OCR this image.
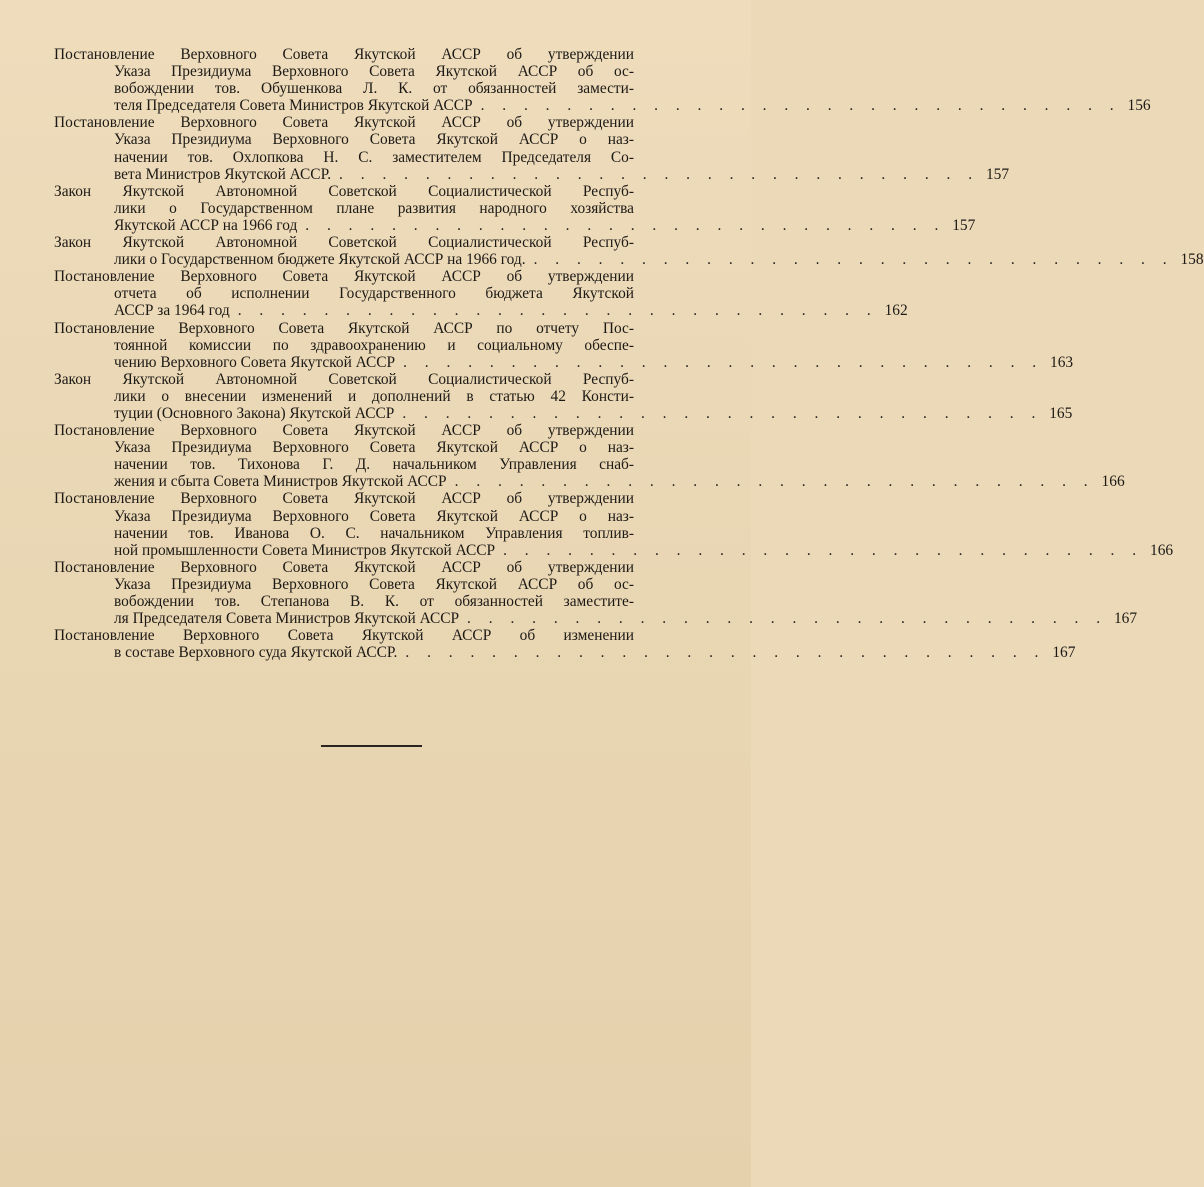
Постановление Верховного Совета Якутской АССР об утверждении
Указа Президиума Верховного Совета Якутской АССР об ос-
вобождении тов. Обушенкова Л. К. от обязанностей замести-
теля Председателя Совета Министров Якутской АССР . . . . . . . . . . . . . . . . . . . . . . . . . . . . . . 156
Постановление Верховного Совета Якутской АССР об утверждении
Указа Президиума Верховного Совета Якутской АССР о наз-
начении тов. Охлопкова Н. С. заместителем Председателя Со-
вета Министров Якутской АССР. . . . . . . . . . . . . . . . . . . . . . . . . . . . . . . 157
Закон Якутской Автономной Советской Социалистической Респуб-
лики о Государственном плане развития народного хозяйства
Якутской АССР на 1966 год . . . . . . . . . . . . . . . . . . . . . . . . . . . . . . 157
Закон Якутской Автономной Советской Социалистической Респуб-
лики о Государственном бюджете Якутской АССР на 1966 год. . . . . . . . . . . . . . . . . . . . . . . . . . . . . . . 158
Постановление Верховного Совета Якутской АССР об утверждении
отчета об исполнении Государственного бюджета Якутской
АССР за 1964 год . . . . . . . . . . . . . . . . . . . . . . . . . . . . . . 162
Постановление Верховного Совета Якутской АССР по отчету Пос-
тоянной комиссии по здравоохранению и социальному обеспе-
чению Верховного Совета Якутской АССР . . . . . . . . . . . . . . . . . . . . . . . . . . . . . . 163
Закон Якутской Автономной Советской Социалистической Респуб-
лики о внесении изменений и дополнений в статью 42 Консти-
туции (Основного Закона) Якутской АССР . . . . . . . . . . . . . . . . . . . . . . . . . . . . . . 165
Постановление Верховного Совета Якутской АССР об утверждении
Указа Президиума Верховного Совета Якутской АССР о наз-
начении тов. Тихонова Г. Д. начальником Управления снаб-
жения и сбыта Совета Министров Якутской АССР . . . . . . . . . . . . . . . . . . . . . . . . . . . . . . 166
Постановление Верховного Совета Якутской АССР об утверждении
Указа Президиума Верховного Совета Якутской АССР о наз-
начении тов. Иванова О. С. начальником Управления топлив-
ной промышленности Совета Министров Якутской АССР . . . . . . . . . . . . . . . . . . . . . . . . . . . . . . 166
Постановление Верховного Совета Якутской АССР об утверждении
Указа Президиума Верховного Совета Якутской АССР об ос-
вобождении тов. Степанова В. К. от обязанностей заместите-
ля Председателя Совета Министров Якутской АССР . . . . . . . . . . . . . . . . . . . . . . . . . . . . . . 167
Постановление Верховного Совета Якутской АССР об изменении
в составе Верховного суда Якутской АССР. . . . . . . . . . . . . . . . . . . . . . . . . . . . . . . 167
